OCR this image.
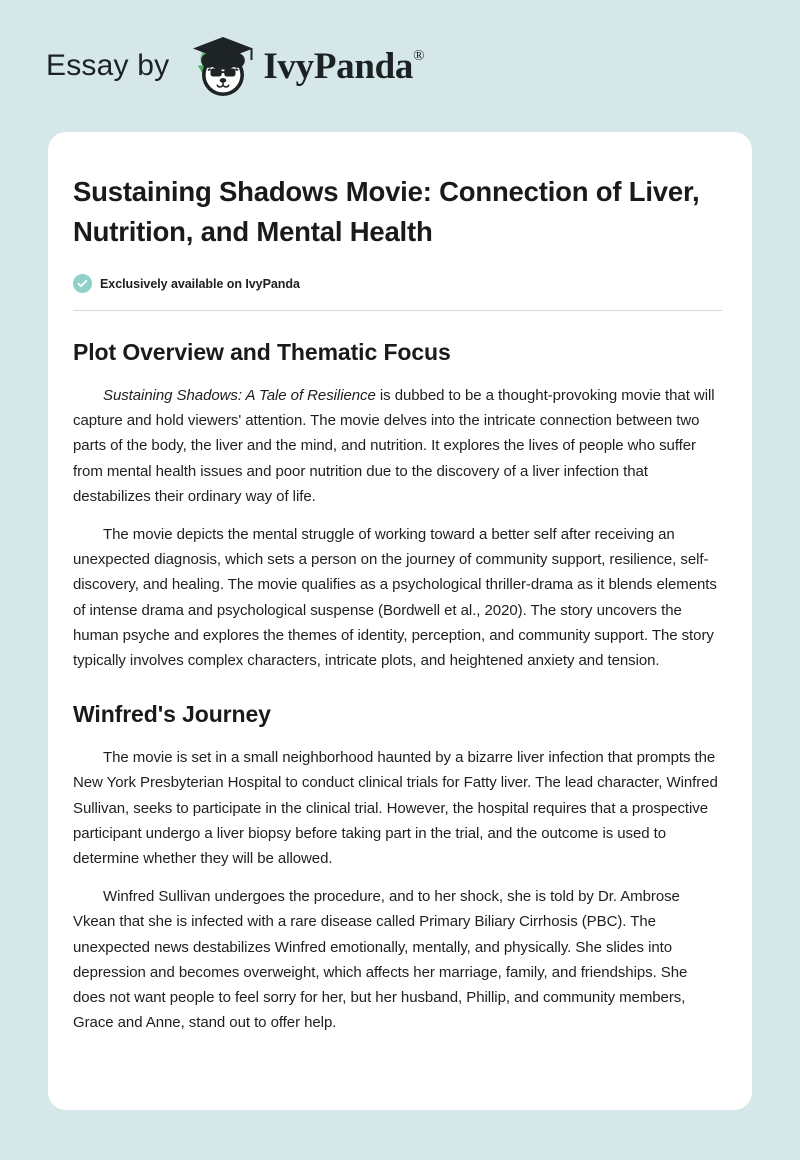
Essay by	IvyPanda®
Sustaining Shadows Movie: Connection of Liver, Nutrition, and Mental Health
Exclusively available on IvyPanda
Plot Overview and Thematic Focus

Sustaining Shadows: A Tale of Resilience is dubbed to be a thought-provoking movie that will capture and hold viewers' attention. The movie delves into the intricate connection between two parts of the body, the liver and the mind, and nutrition. It explores the lives of people who suffer from mental health issues and poor nutrition due to the discovery of a liver infection that destabilizes their ordinary way of life.

The movie depicts the mental struggle of working toward a better self after receiving an unexpected diagnosis, which sets a person on the journey of community support, resilience, self-discovery, and healing. The movie qualifies as a psychological thriller-drama as it blends elements of intense drama and psychological suspense (Bordwell et al., 2020). The story uncovers the human psyche and explores the themes of identity, perception, and community support. The story typically involves complex characters, intricate plots, and heightened anxiety and tension.

Winfred's Journey

The movie is set in a small neighborhood haunted by a bizarre liver infection that prompts the New York Presbyterian Hospital to conduct clinical trials for Fatty liver. The lead character, Winfred Sullivan, seeks to participate in the clinical trial. However, the hospital requires that a prospective participant undergo a liver biopsy before taking part in the trial, and the outcome is used to determine whether they will be allowed.

Winfred Sullivan undergoes the procedure, and to her shock, she is told by Dr. Ambrose Vkean that she is infected with a rare disease called Primary Biliary Cirrhosis (PBC). The unexpected news destabilizes Winfred emotionally, mentally, and physically. She slides into depression and becomes overweight, which affects her marriage, family, and friendships. She does not want people to feel sorry for her, but her husband, Phillip, and community members, Grace and Anne, stand out to offer help.
